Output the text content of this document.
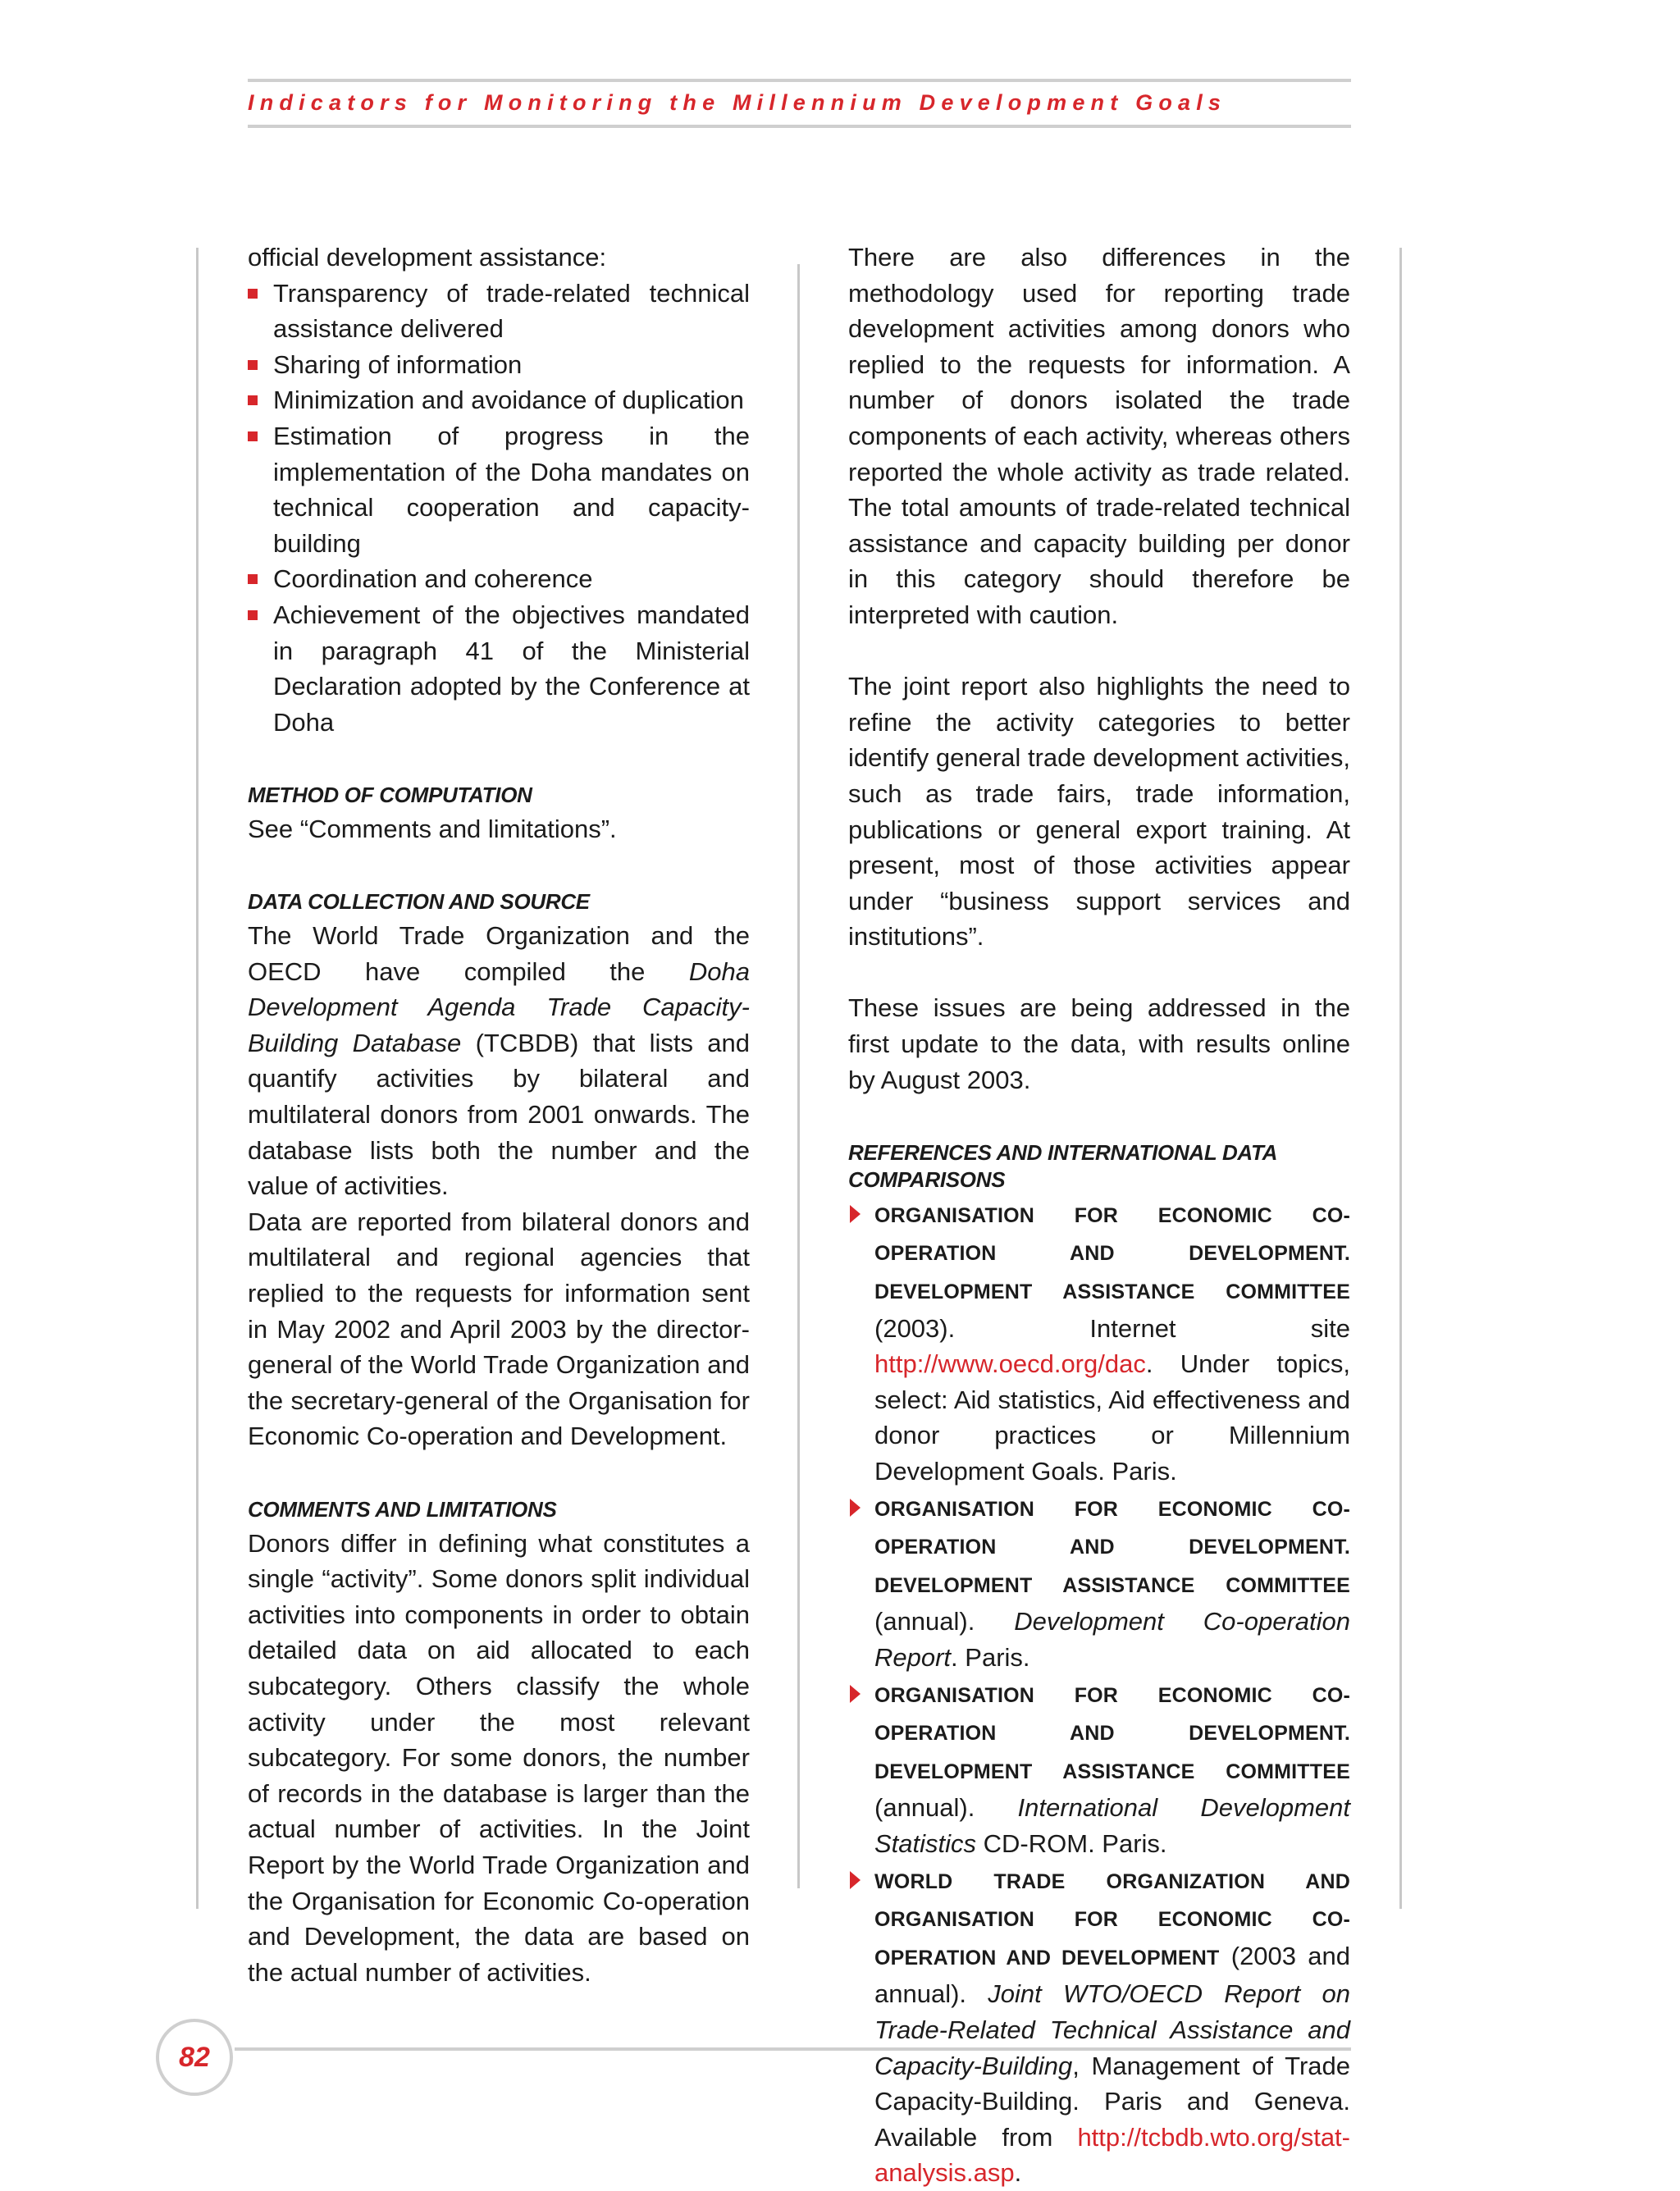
Indicators for Monitoring the Millennium Development Goals

official development assistance:

Transparency of trade-related technical assistance delivered
Sharing of information
Minimization and avoidance of duplication
Estimation of progress in the implementation of the Doha mandates on technical cooperation and capacity-building
Coordination and coherence
Achievement of the objectives mandated in paragraph 41 of the Ministerial Declaration adopted by the Conference at Doha
METHOD OF COMPUTATION

See “Comments and limitations”.

DATA COLLECTION AND SOURCE

The World Trade Organization and the OECD have compiled the Doha Development Agenda Trade Capacity-Building Database (TCBDB) that lists and quantify activities by bilateral and multilateral donors from 2001 onwards. The database lists both the number and the value of activities.

Data are reported from bilateral donors and multilateral and regional agencies that replied to the requests for information sent in May 2002 and April 2003 by the director-general of the World Trade Organization and the secretary-general of the Organisation for Economic Co-operation and Development.

COMMENTS AND LIMITATIONS

Donors differ in defining what constitutes a single “activity”. Some donors split individual activities into components in order to obtain detailed data on aid allocated to each subcategory. Others classify the whole activity under the most relevant subcategory. For some donors, the number of records in the database is larger than the actual number of activities. In the Joint Report by the World Trade Organization and the Organisation for Economic Co-operation and Development, the data are based on the actual number of activities.

There are also differences in the methodology used for reporting trade development activities among donors who replied to the requests for information. A number of donors isolated the trade components of each activity, whereas others reported the whole activity as trade related. The total amounts of trade-related technical assistance and capacity building per donor in this category should therefore be interpreted with caution.

The joint report also highlights the need to refine the activity categories to better identify general trade development activities, such as trade fairs, trade information, publications or general export training. At present, most of those activities appear under “business support services and institutions”.

These issues are being addressed in the first update to the data, with results online by August 2003.

REFERENCES AND INTERNATIONAL DATA COMPARISONS
ORGANISATION FOR ECONOMIC CO-OPERATION AND DEVELOPMENT. DEVELOPMENT ASSISTANCE COMMITTEE (2003). Internet site http://www.oecd.org/dac. Under topics, select: Aid statistics, Aid effectiveness and donor practices or Millennium Development Goals. Paris.
ORGANISATION FOR ECONOMIC CO-OPERATION AND DEVELOPMENT. DEVELOPMENT ASSISTANCE COMMITTEE (annual). Development Co-operation Report. Paris.
ORGANISATION FOR ECONOMIC CO-OPERATION AND DEVELOPMENT. DEVELOPMENT ASSISTANCE COMMITTEE (annual). International Development Statistics CD-ROM. Paris.
WORLD TRADE ORGANIZATION AND ORGANISATION FOR ECONOMIC CO-OPERATION AND DEVELOPMENT (2003 and annual). Joint WTO/OECD Report on Trade-Related Technical Assistance and Capacity-Building, Management of Trade Capacity-Building. Paris and Geneva. Available from http://tcbdb.wto.org/stat-analysis.asp.
82
